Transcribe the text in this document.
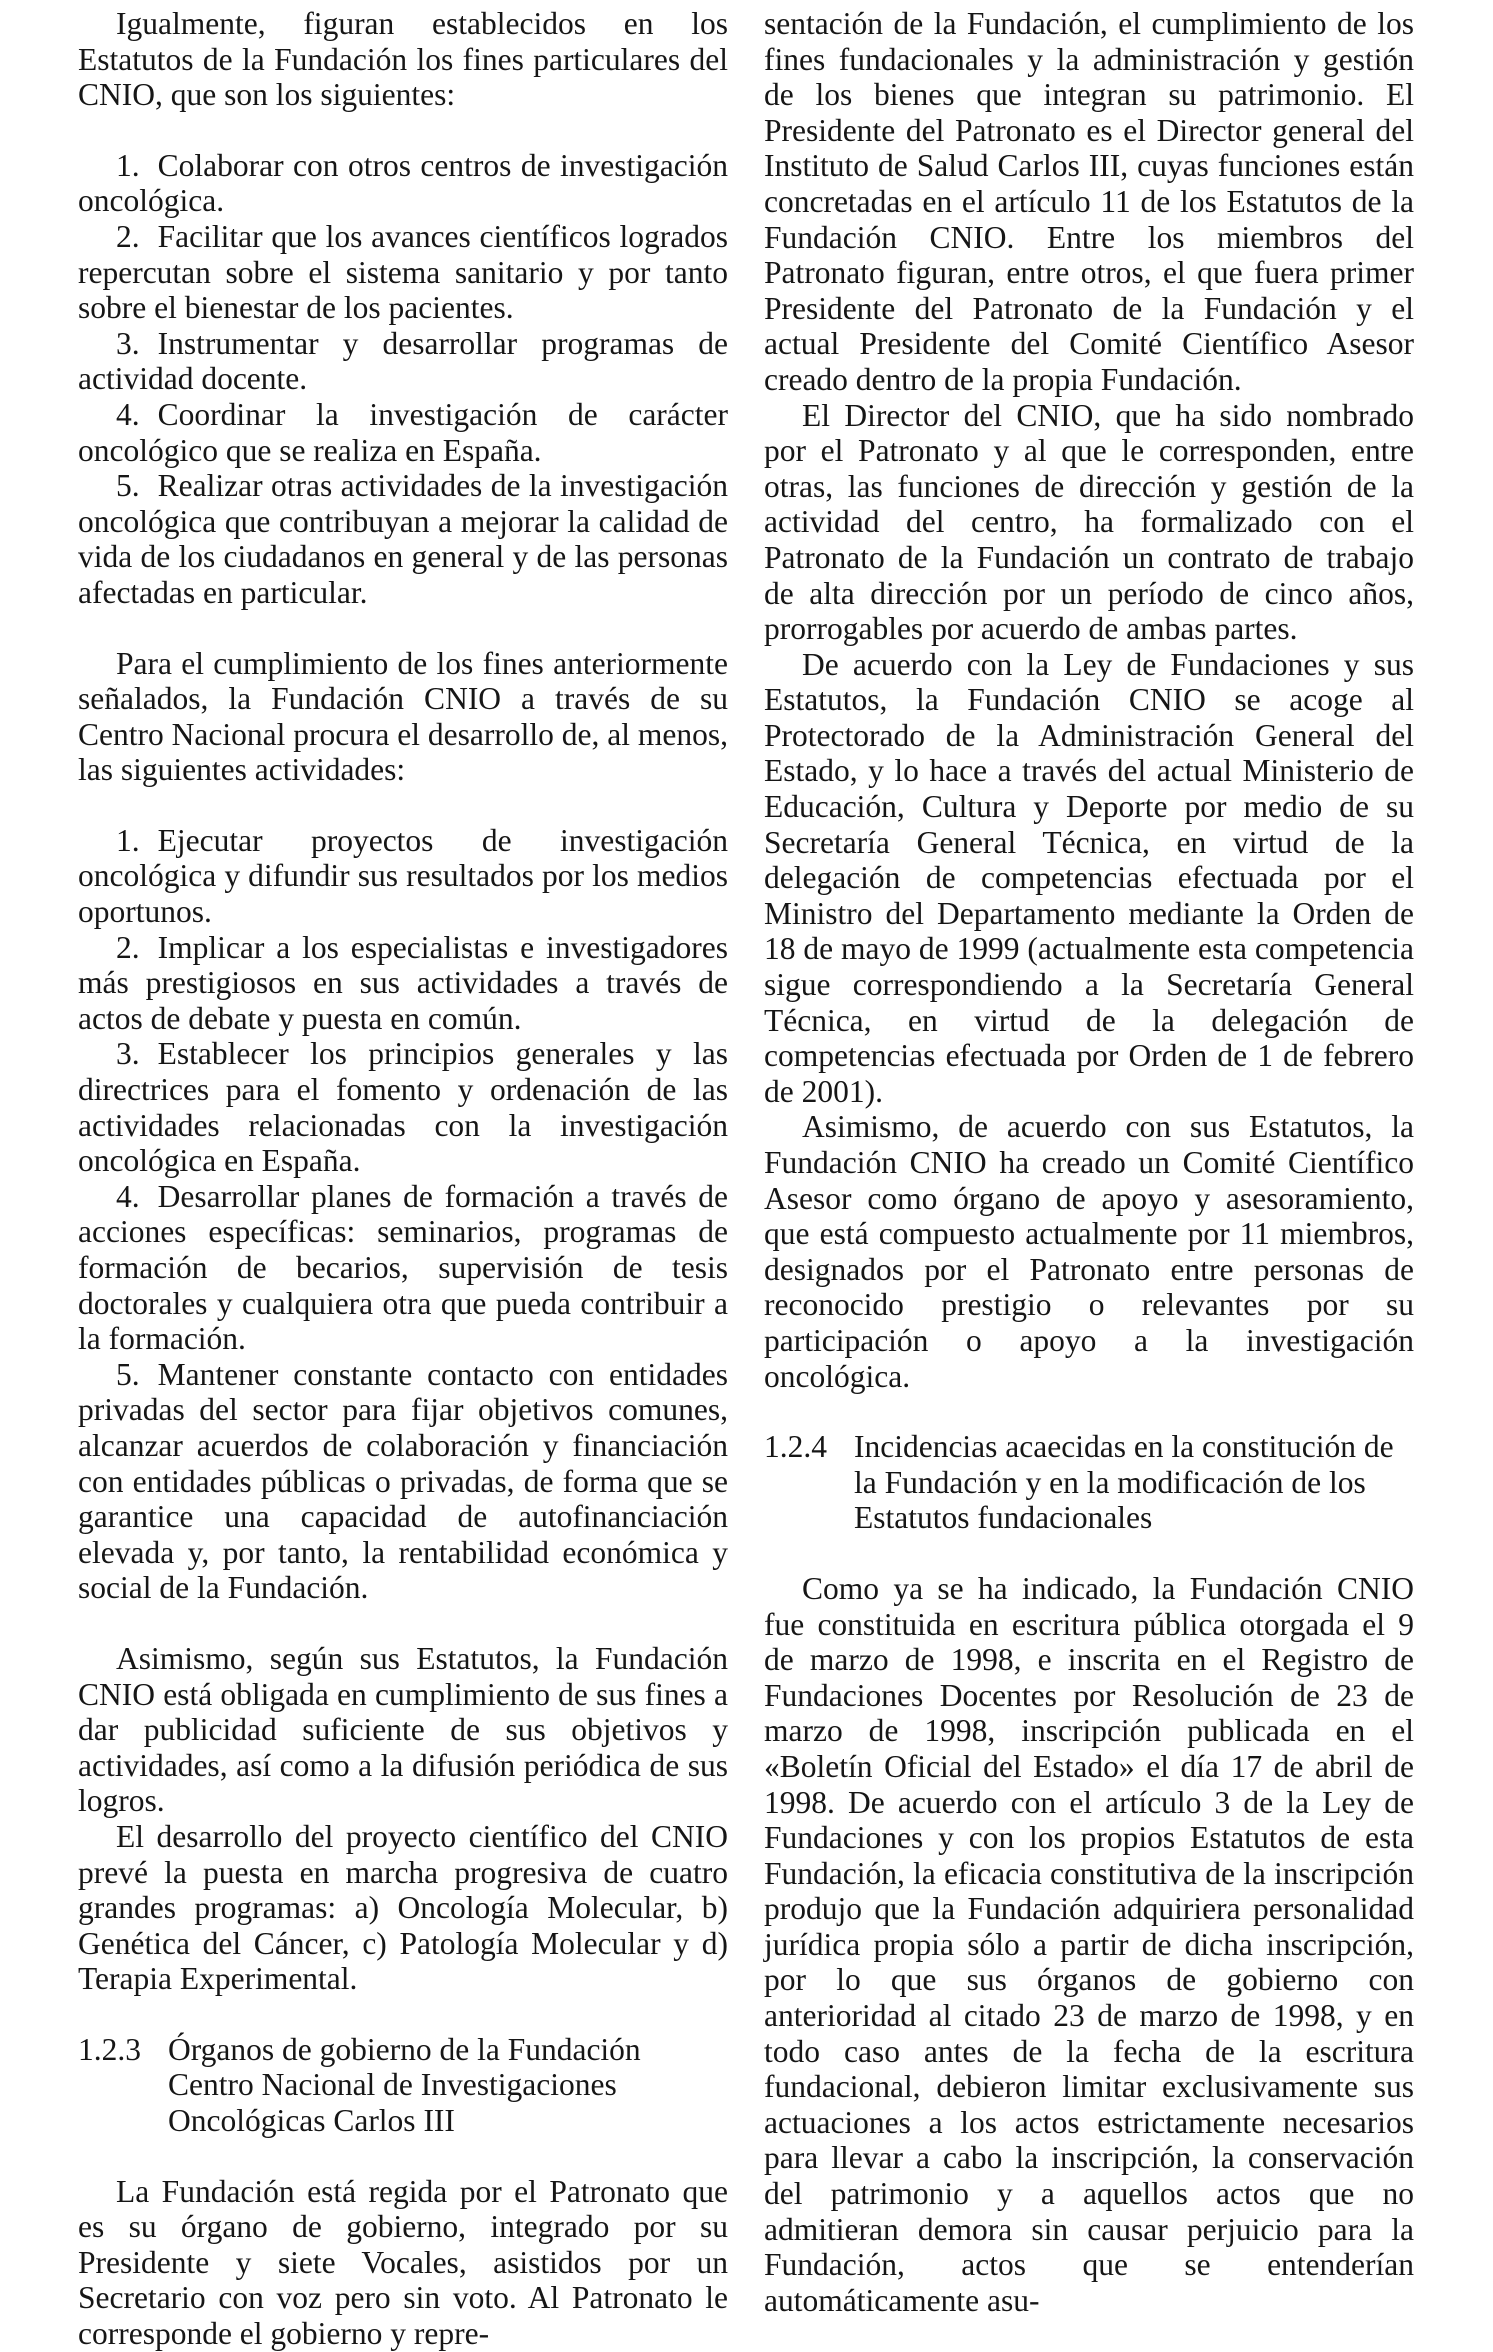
Igualmente, figuran establecidos en los Estatutos de la Fundación los fines particulares del CNIO, que son los siguientes:

1. Colaborar con otros centros de investigación oncológica.

2. Facilitar que los avances científicos logrados repercutan sobre el sistema sanitario y por tanto sobre el bienestar de los pacientes.

3. Instrumentar y desarrollar programas de actividad docente.

4. Coordinar la investigación de carácter oncológico que se realiza en España.

5. Realizar otras actividades de la investigación oncológica que contribuyan a mejorar la calidad de vida de los ciudadanos en general y de las personas afectadas en particular.

Para el cumplimiento de los fines anteriormente señalados, la Fundación CNIO a través de su Centro Nacional procura el desarrollo de, al menos, las siguientes actividades:

1. Ejecutar proyectos de investigación oncológica y difundir sus resultados por los medios oportunos.

2. Implicar a los especialistas e investigadores más prestigiosos en sus actividades a través de actos de debate y puesta en común.

3. Establecer los principios generales y las directrices para el fomento y ordenación de las actividades relacionadas con la investigación oncológica en España.

4. Desarrollar planes de formación a través de acciones específicas: seminarios, programas de formación de becarios, supervisión de tesis doctorales y cualquiera otra que pueda contribuir a la formación.

5. Mantener constante contacto con entidades privadas del sector para fijar objetivos comunes, alcanzar acuerdos de colaboración y financiación con entidades públicas o privadas, de forma que se garantice una capacidad de autofinanciación elevada y, por tanto, la rentabilidad económica y social de la Fundación.

Asimismo, según sus Estatutos, la Fundación CNIO está obligada en cumplimiento de sus fines a dar publicidad suficiente de sus objetivos y actividades, así como a la difusión periódica de sus logros.

El desarrollo del proyecto científico del CNIO prevé la puesta en marcha progresiva de cuatro grandes programas: a) Oncología Molecular, b) Genética del Cáncer, c) Patología Molecular y d) Terapia Experimental.

1.2.3 Órganos de gobierno de la Fundación Centro Nacional de Investigaciones Oncológicas Carlos III

La Fundación está regida por el Patronato que es su órgano de gobierno, integrado por su Presidente y siete Vocales, asistidos por un Secretario con voz pero sin voto. Al Patronato le corresponde el gobierno y repre-

sentación de la Fundación, el cumplimiento de los fines fundacionales y la administración y gestión de los bienes que integran su patrimonio. El Presidente del Patronato es el Director general del Instituto de Salud Carlos III, cuyas funciones están concretadas en el artículo 11 de los Estatutos de la Fundación CNIO. Entre los miembros del Patronato figuran, entre otros, el que fuera primer Presidente del Patronato de la Fundación y el actual Presidente del Comité Científico Asesor creado dentro de la propia Fundación.

El Director del CNIO, que ha sido nombrado por el Patronato y al que le corresponden, entre otras, las funciones de dirección y gestión de la actividad del centro, ha formalizado con el Patronato de la Fundación un contrato de trabajo de alta dirección por un período de cinco años, prorrogables por acuerdo de ambas partes.

De acuerdo con la Ley de Fundaciones y sus Estatutos, la Fundación CNIO se acoge al Protectorado de la Administración General del Estado, y lo hace a través del actual Ministerio de Educación, Cultura y Deporte por medio de su Secretaría General Técnica, en virtud de la delegación de competencias efectuada por el Ministro del Departamento mediante la Orden de 18 de mayo de 1999 (actualmente esta competencia sigue correspondiendo a la Secretaría General Técnica, en virtud de la delegación de competencias efectuada por Orden de 1 de febrero de 2001).

Asimismo, de acuerdo con sus Estatutos, la Fundación CNIO ha creado un Comité Científico Asesor como órgano de apoyo y asesoramiento, que está compuesto actualmente por 11 miembros, designados por el Patronato entre personas de reconocido prestigio o relevantes por su participación o apoyo a la investigación oncológica.

1.2.4 Incidencias acaecidas en la constitución de la Fundación y en la modificación de los Estatutos fundacionales

Como ya se ha indicado, la Fundación CNIO fue constituida en escritura pública otorgada el 9 de marzo de 1998, e inscrita en el Registro de Fundaciones Docentes por Resolución de 23 de marzo de 1998, inscripción publicada en el «Boletín Oficial del Estado» el día 17 de abril de 1998. De acuerdo con el artículo 3 de la Ley de Fundaciones y con los propios Estatutos de esta Fundación, la eficacia constitutiva de la inscripción produjo que la Fundación adquiriera personalidad jurídica propia sólo a partir de dicha inscripción, por lo que sus órganos de gobierno con anterioridad al citado 23 de marzo de 1998, y en todo caso antes de la fecha de la escritura fundacional, debieron limitar exclusivamente sus actuaciones a los actos estrictamente necesarios para llevar a cabo la inscripción, la conservación del patrimonio y a aquellos actos que no admitieran demora sin causar perjuicio para la Fundación, actos que se entenderían automáticamente asu-
